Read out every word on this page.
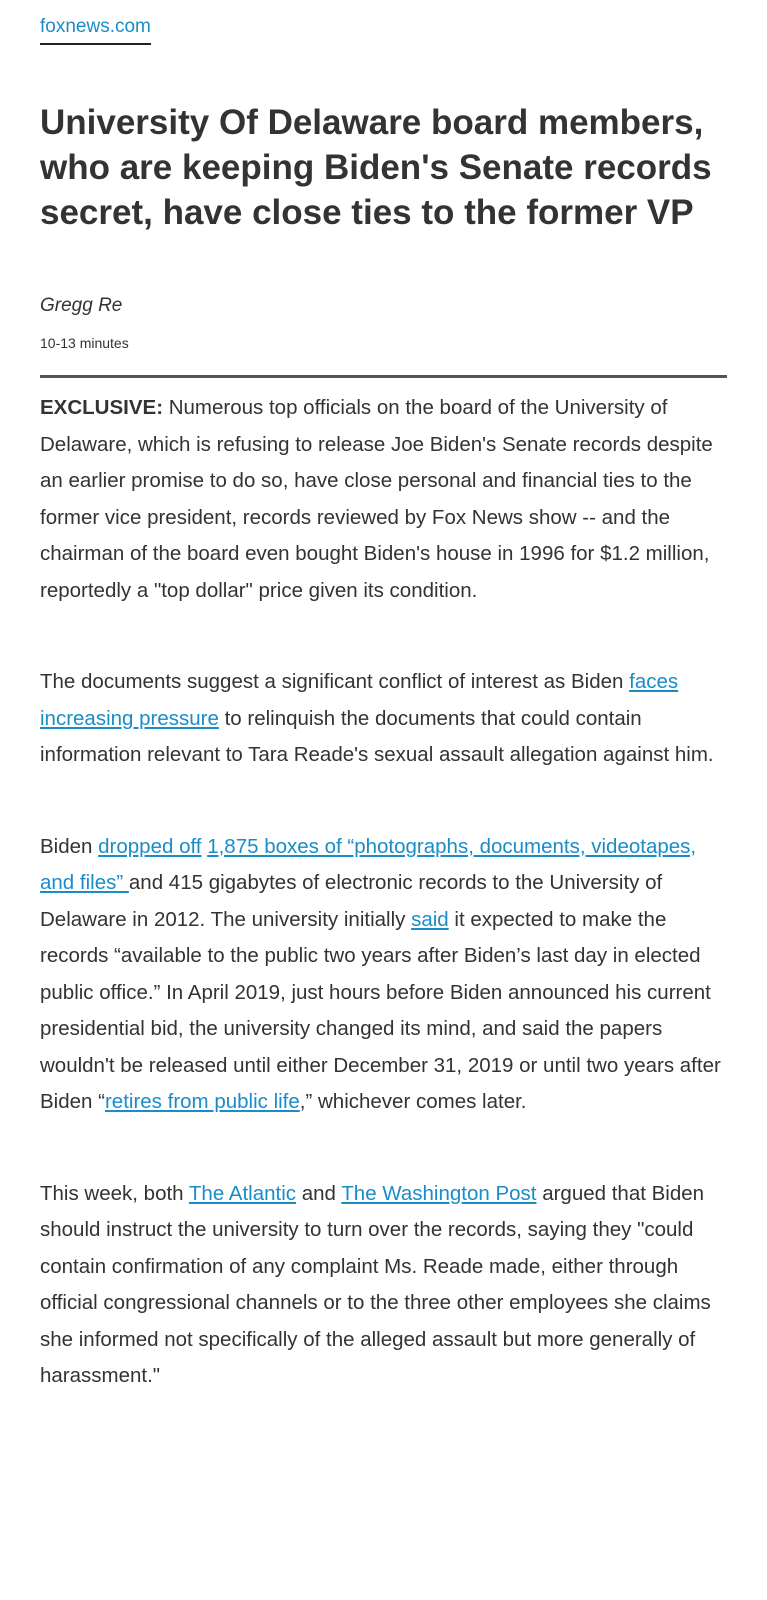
foxnews.com
University Of Delaware board members, who are keeping Biden's Senate records secret, have close ties to the former VP
Gregg Re
10-13 minutes

EXCLUSIVE: Numerous top officials on the board of the University of Delaware, which is refusing to release Joe Biden's Senate records despite an earlier promise to do so, have close personal and financial ties to the former vice president, records reviewed by Fox News show -- and the chairman of the board even bought Biden's house in 1996 for $1.2 million, reportedly a "top dollar" price given its condition.

The documents suggest a significant conflict of interest as Biden faces increasing pressure to relinquish the documents that could contain information relevant to Tara Reade's sexual assault allegation against him.

Biden dropped off 1,875 boxes of “photographs, documents, videotapes, and files” and 415 gigabytes of electronic records to the University of Delaware in 2012. The university initially said it expected to make the records “available to the public two years after Biden’s last day in elected public office.” In April 2019, just hours before Biden announced his current presidential bid, the university changed its mind, and said the papers wouldn't be released until either December 31, 2019 or until two years after Biden “retires from public life,” whichever comes later.

This week, both The Atlantic and The Washington Post argued that Biden should instruct the university to turn over the records, saying they "could contain confirmation of any complaint Ms. Reade made, either through official congressional channels or to the three other employees she claims she informed not specifically of the alleged assault but more generally of harassment."
